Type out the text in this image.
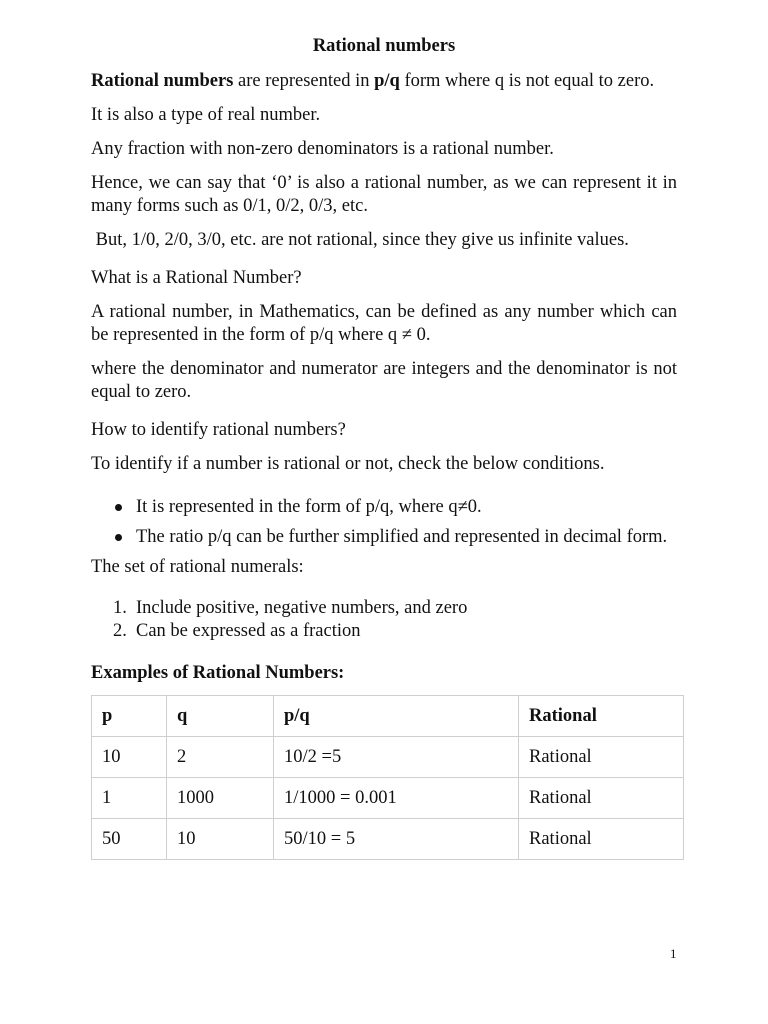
Rational numbers

Rational numbers are represented in p/q form where q is not equal to zero.

It is also a type of real number.

Any fraction with non-zero denominators is a rational number.

Hence, we can say that ‘0’ is also a rational number, as we can represent it in many forms such as 0/1, 0/2, 0/3, etc.

But, 1/0, 2/0, 3/0, etc. are not rational, since they give us infinite values.

What is a Rational Number?

A rational number, in Mathematics, can be defined as any number which can be represented in the form of p/q where q ≠ 0.

where the denominator and numerator are integers and the denominator is not equal to zero.

How to identify rational numbers?

To identify if a number is rational or not, check the below conditions.

It is represented in the form of p/q, where q≠0.
The ratio p/q can be further simplified and represented in decimal form.

The set of rational numerals:

1. Include positive, negative numbers, and zero
2. Can be expressed as a fraction
Examples of Rational Numbers:
p	q	p/q	Rational
10	2	10/2 =5	Rational
1	1000	1/1000 = 0.001	Rational
50	10	50/10 = 5	Rational
1
